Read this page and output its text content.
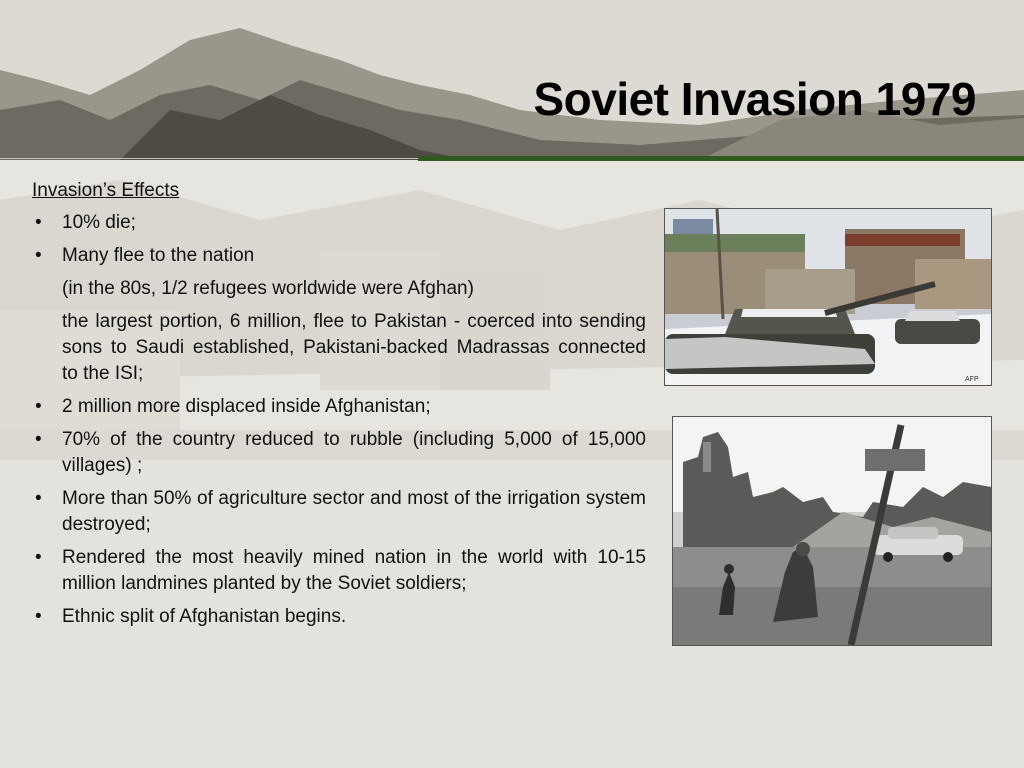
Soviet Invasion 1979
Invasion’s Effects
• 10% die;
• Many flee to the nation
(in the 80s, 1/2 refugees worldwide were Afghan)
the largest portion, 6 million, flee to Pakistan - coerced into sending sons to Saudi established, Pakistani-backed Madrassas connected to the ISI;
• 2 million more displaced inside Afghanistan;
• 70% of the country reduced to rubble (including 5,000 of 15,000 villages) ;
• More than 50% of agriculture sector and most of the irrigation system destroyed;
• Rendered the most heavily mined nation in the world with 10-15 million landmines planted by the Soviet soldiers;
• Ethnic split of Afghanistan begins.
AFP
